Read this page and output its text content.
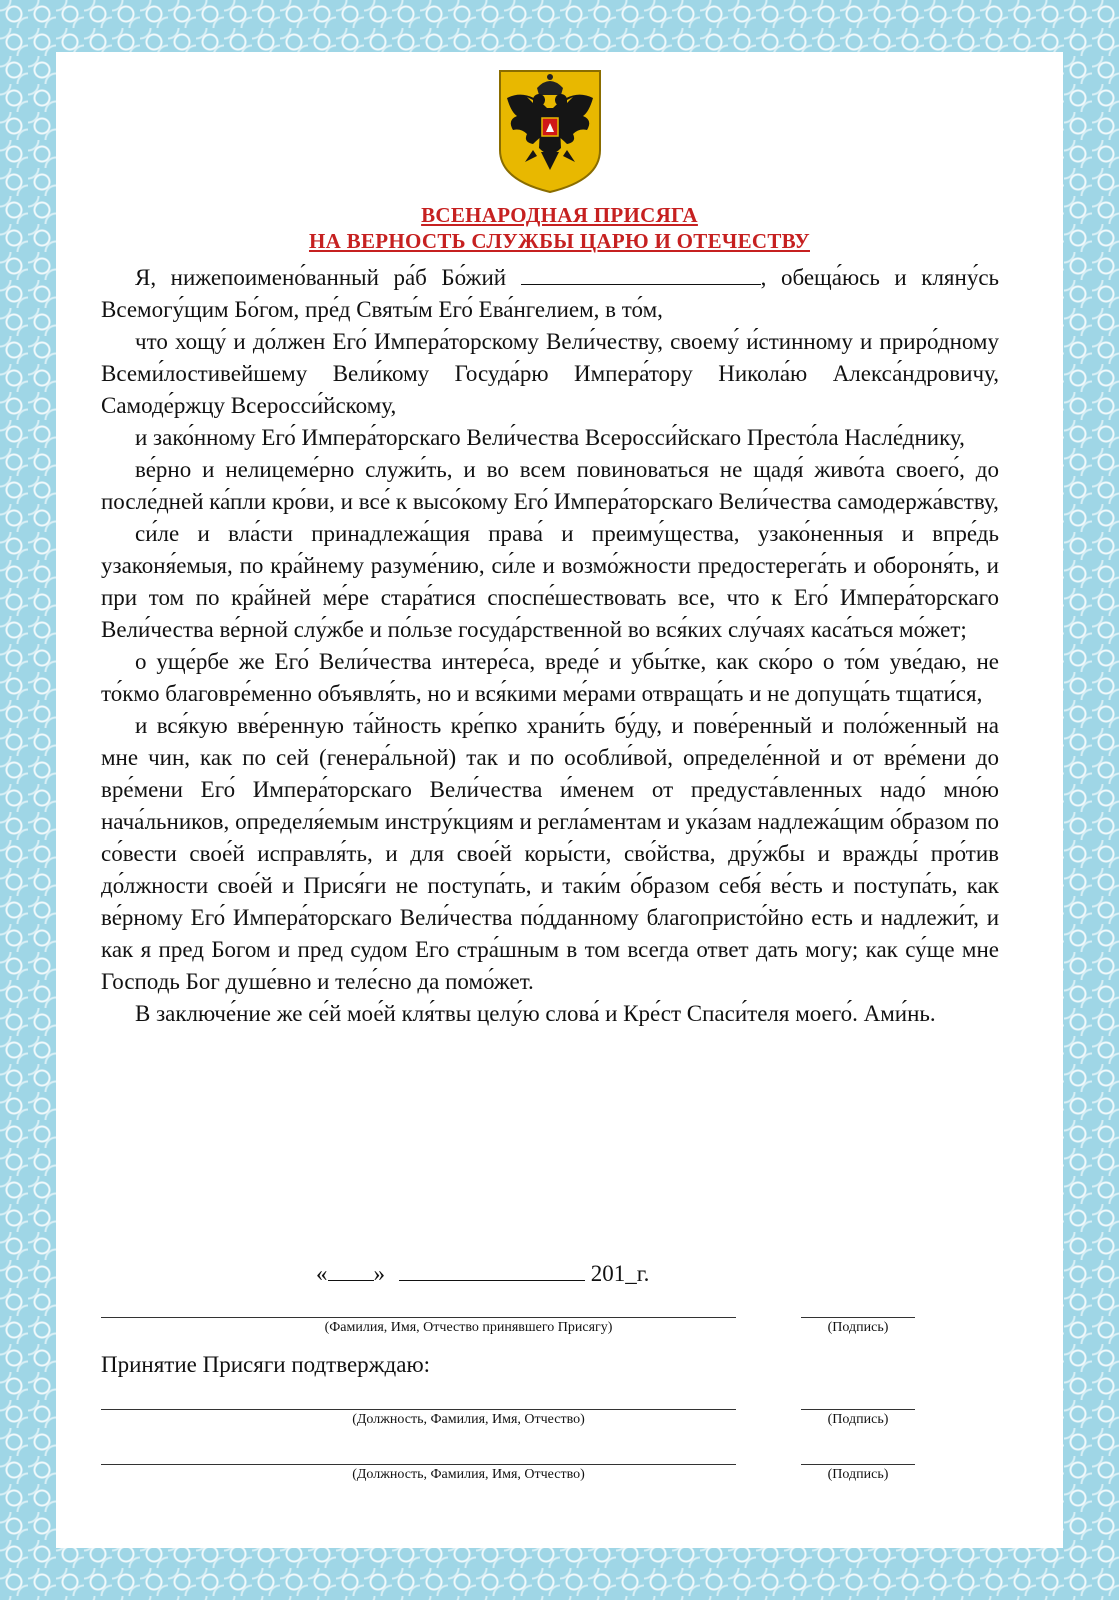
ВСЕНАРОДНАЯ ПРИСЯГА
НА ВЕРНОСТЬ СЛУЖБЫ ЦАРЮ И ОТЕЧЕСТВУ

Я, нижепоимено́ванный ра́б Бо́жий	, обеща́юсь и кляну́сь Всемогу́щим Бо́гом, пре́д Святы́м Его́ Ева́нгелием, в то́м,

что хощу́ и до́лжен Его́ Импера́торскому Вели́честву, своему́ и́стинному и приро́дному Всеми́лостивейшему Вели́кому Госуда́рю Импера́тору Никола́ю Алекса́ндровичу, Самоде́ржцу Всеросси́йскому,

и зако́нному Его́ Импера́торскаго Вели́чества Всеросси́йскаго Престо́ла Насле́днику,

ве́рно и нелицеме́рно служи́ть, и во всем повиноваться не щадя́ живо́та своего́, до после́дней ка́пли кро́ви, и все́ к высо́кому Его́ Импера́торскаго Вели́чества самодержа́вству,

си́ле и вла́сти принадлежа́щия права́ и преиму́щества, узако́ненныя и впре́дь узаконя́емыя, по кра́йнему разуме́нию, си́ле и возмо́жности предостерега́ть и обороня́ть, и при том по кра́йней ме́ре стара́тися споспе́шествовать все, что к Его́ Импера́торскаго Вели́чества ве́рной слу́жбе и по́льзе госуда́рственной во вся́ких слу́чаях каса́ться мо́жет;

о уще́рбе же Его́ Вели́чества интере́са, вреде́ и убы́тке, как ско́ро о то́м уве́даю, не то́кмо благовре́менно объявля́ть, но и вся́кими ме́рами отвраща́ть и не допуща́ть тщати́ся,

и вся́кую вве́ренную та́йность кре́пко храни́ть бу́ду, и пове́ренный и поло́женный на мне чин, как по сей (генера́льной) так и по особли́вой, определе́нной и от вре́мени до вре́мени Его́ Импера́торскаго Вели́чества и́менем от предуста́вленных надо́ мно́ю нача́льников, определя́емым инстру́кциям и регла́ментам и ука́зам надлежа́щим о́бразом по со́вести свое́й исправля́ть, и для свое́й коры́сти, сво́йства, дру́жбы и вражды́ про́тив до́лжности свое́й и Прися́ги не поступа́ть, и таки́м о́бразом себя́ ве́сть и поступа́ть, как ве́рному Его́ Импера́торскаго Вели́чества по́дданному благопристо́йно есть и надлежи́т, и как я пред Богом и пред судом Его стра́шным в том всегда ответ дать могу; как су́ще мне Господь Бог душе́вно и теле́сно да помо́жет.

В заключе́ние же се́й мое́й кля́твы целу́ю слова́ и Кре́ст Спаси́теля моего́. Ами́нь.

« »	201_г.
(Фамилия, Имя, Отчество принявшего Присягу)	(Подпись)
Принятие Присяги подтверждаю:
(Должность, Фамилия, Имя, Отчество)	(Подпись)
(Должность, Фамилия, Имя, Отчество)	(Подпись)
